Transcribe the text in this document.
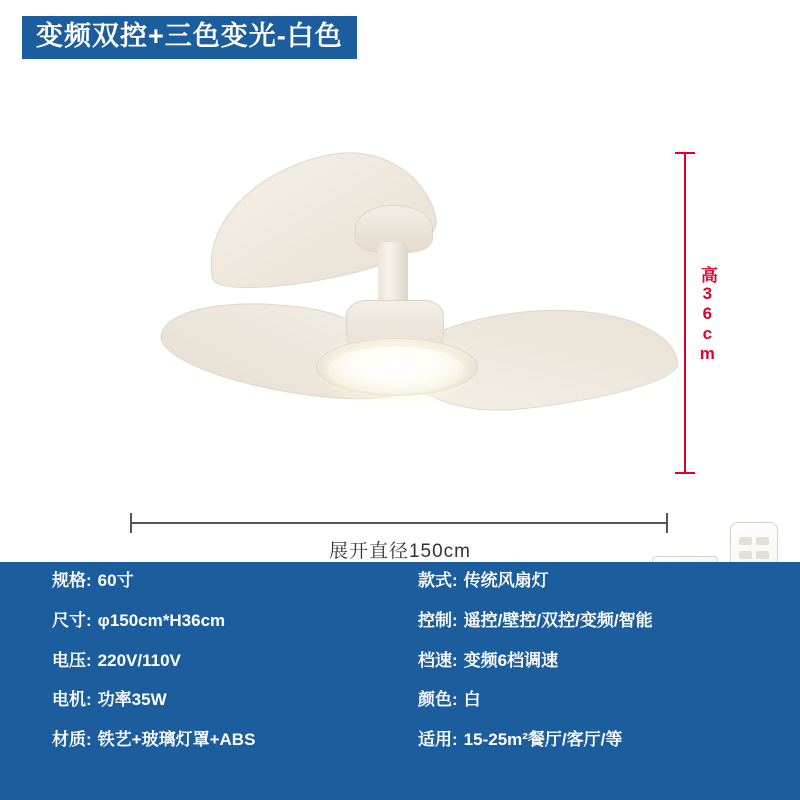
变频双控+三色变光-白色
高36cm
展开直径150cm
规格: 60寸	款式: 传统风扇灯
尺寸: φ150cm*H36cm	控制: 遥控/壁控/双控/变频/智能
电压: 220V/110V	档速: 变频6档调速
电机: 功率35W	颜色: 白
材质: 铁艺+玻璃灯罩+ABS	适用: 15-25m²餐厅/客厅/等
